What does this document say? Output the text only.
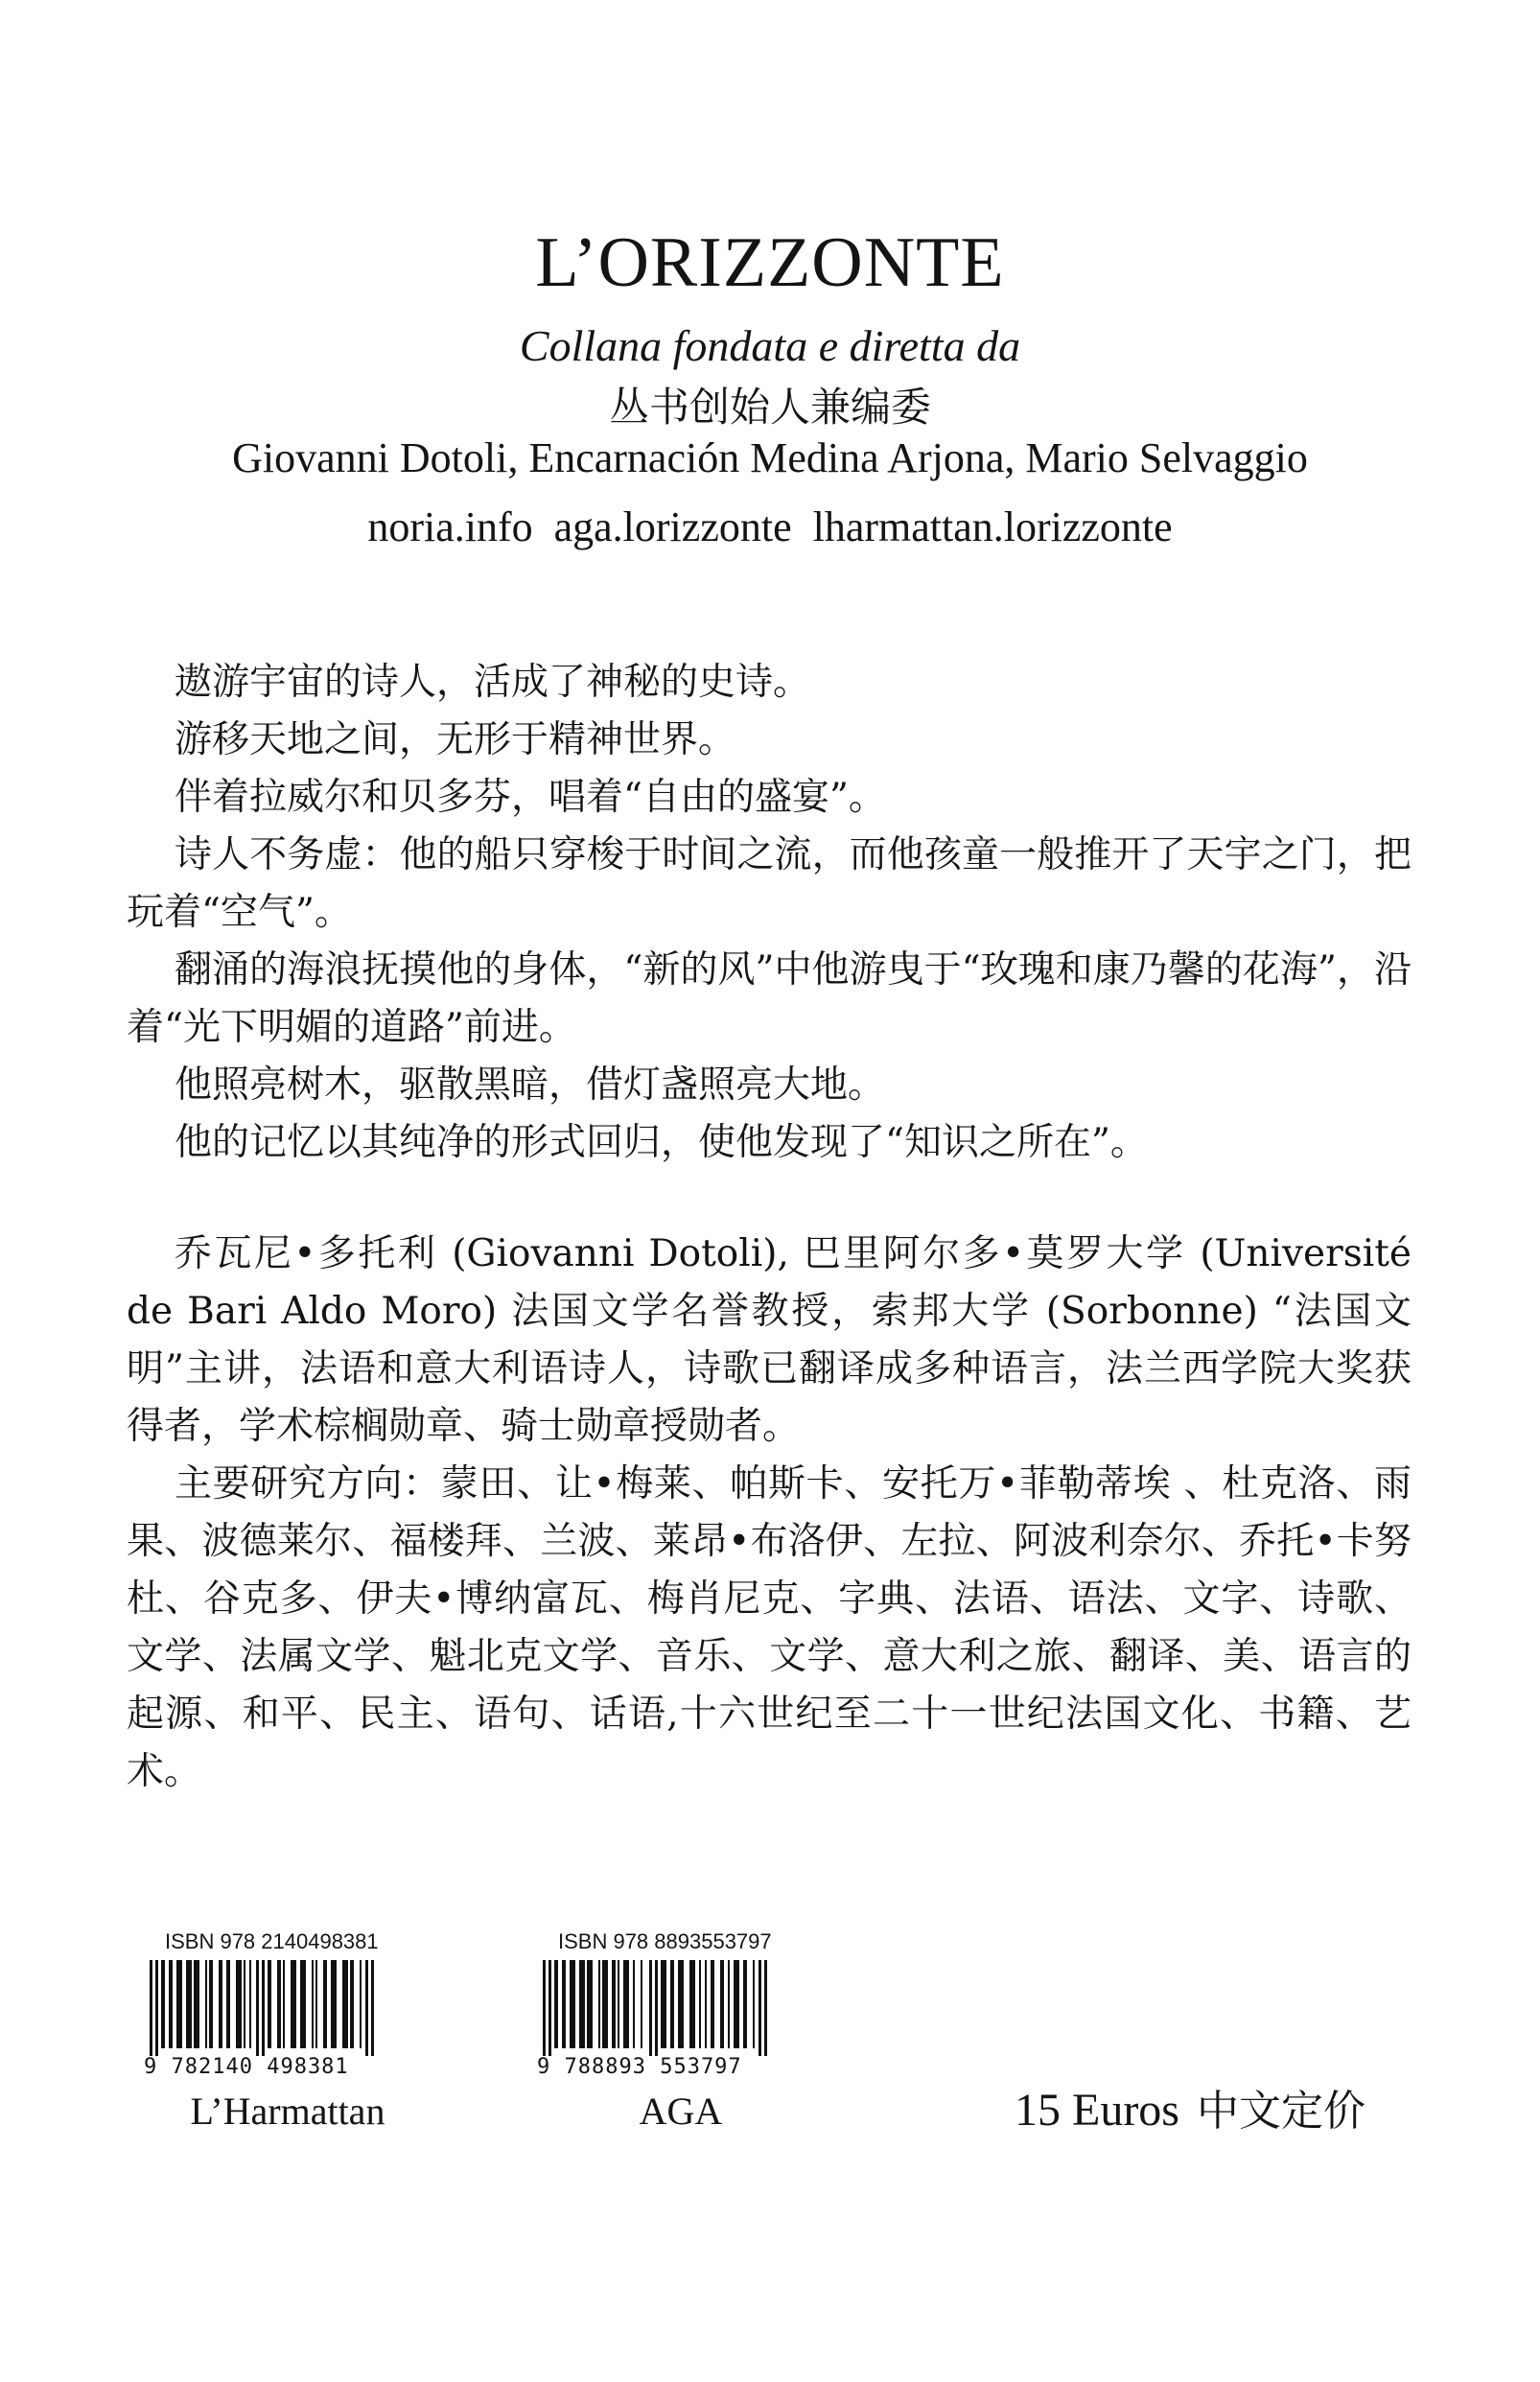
L’ORIZZONTE
Collana fondata e diretta da
丛书创始人兼编委
Giovanni Dotoli, Encarnación Medina Arjona, Mario Selvaggio
noria.info aga.lorizzonte lharmattan.lorizzonte

遨游宇宙的诗人，活成了神秘的史诗。

游移天地之间，无形于精神世界。

伴着拉威尔和贝多芬，唱着“自由的盛宴”。

诗人不务虚：他的船只穿梭于时间之流，而他孩童一般推开了天宇之门，把玩着“空气”。

翻涌的海浪抚摸他的身体，“新的风”中他游曳于“玫瑰和康乃馨的花海”，沿着“光下明媚的道路”前进。

他照亮树木，驱散黑暗，借灯盏照亮大地。

他的记忆以其纯净的形式回归，使他发现了“知识之所在”。

乔瓦尼•多托利 (Giovanni Dotoli), 巴里阿尔多•莫罗大学 (Université de Bari Aldo Moro) 法国文学名誉教授，索邦大学 (Sorbonne) “法国文明”主讲，法语和意大利语诗人，诗歌已翻译成多种语言，法兰西学院大奖获得者，学术棕榈勋章、骑士勋章授勋者。

主要研究方向：蒙田、让•梅莱、帕斯卡、安托万•菲勒蒂埃 、杜克洛、雨果、波德莱尔、福楼拜、兰波、莱昂•布洛伊、左拉、阿波利奈尔、乔托•卡努杜、谷克多、伊夫•博纳富瓦、梅肖尼克、字典、法语、语法、文字、诗歌、文学、法属文学、魁北克文学、音乐、文学、意大利之旅、翻译、美、语言的起源、和平、民主、语句、话语,十六世纪至二十一世纪法国文化、书籍、艺术。

ISBN 978 2140498381
9 782140 498381
L’Harmattan
ISBN 978 8893553797
9 788893 553797
AGA	15 Euros 中文定价
